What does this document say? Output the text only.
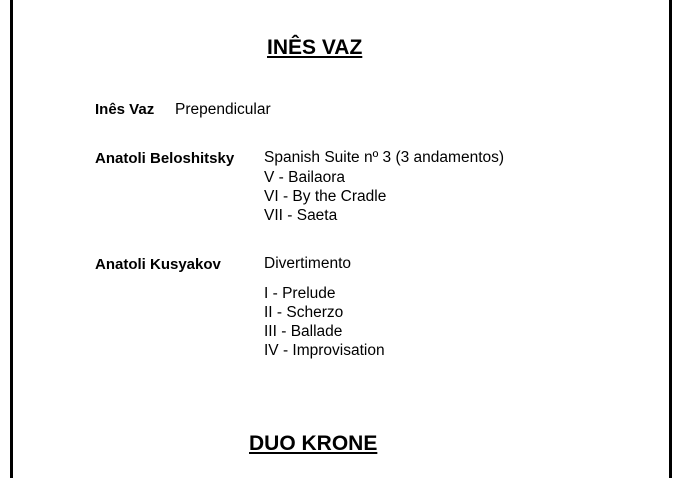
INÊS VAZ
Inês Vaz Prependicular
Anatoli Beloshitsky Spanish Suite nº 3 (3 andamentos)
V - Bailaora
VI - By the Cradle
VII - Saeta
Anatoli Kusyakov	Divertimento
I - Prelude
II - Scherzo
III - Ballade
IV - Improvisation
DUO KRONE
